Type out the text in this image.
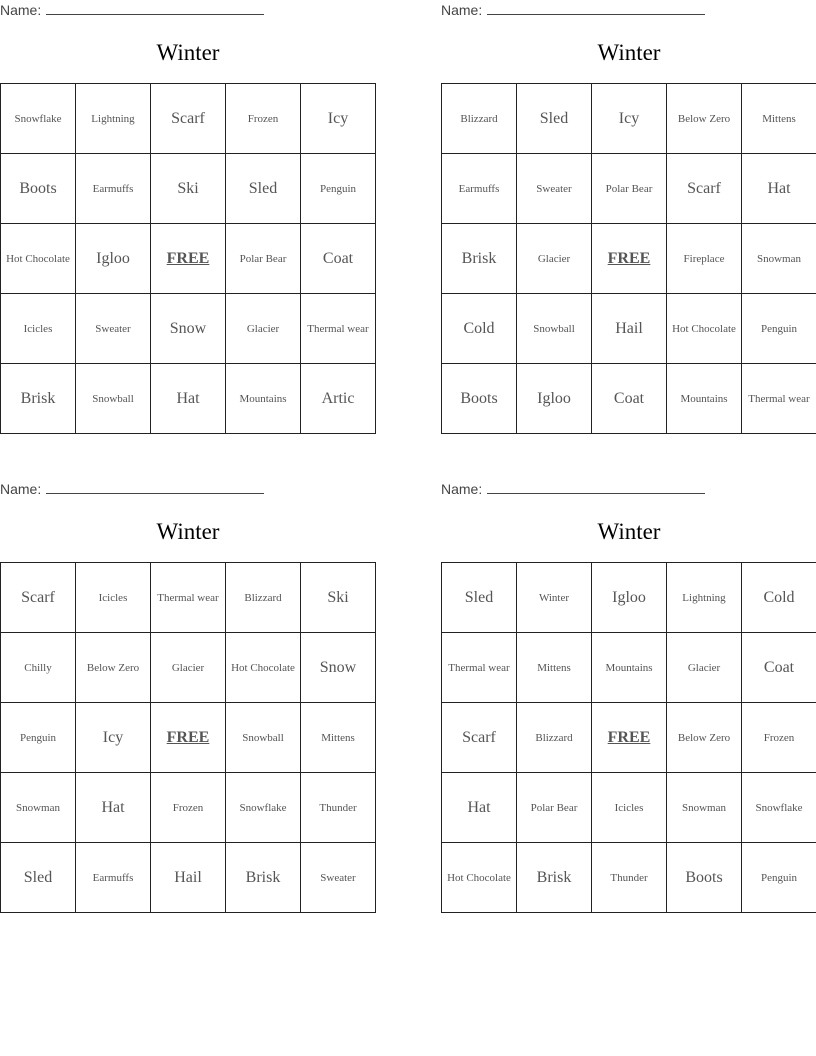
Name:
Winter
Snowflake	Lightning	Scarf	Frozen	Icy
Boots	Earmuffs	Ski	Sled	Penguin
Hot Chocolate	Igloo	FREE	Polar Bear	Coat
Icicles	Sweater	Snow	Glacier	Thermal wear
Brisk	Snowball	Hat	Mountains	Artic
Name:
Winter
Blizzard	Sled	Icy	Below Zero	Mittens
Earmuffs	Sweater	Polar Bear	Scarf	Hat
Brisk	Glacier	FREE	Fireplace	Snowman
Cold	Snowball	Hail	Hot Chocolate	Penguin
Boots	Igloo	Coat	Mountains	Thermal wear
Name:
Winter
Scarf	Icicles	Thermal wear	Blizzard	Ski
Chilly	Below Zero	Glacier	Hot Chocolate	Snow
Penguin	Icy	FREE	Snowball	Mittens
Snowman	Hat	Frozen	Snowflake	Thunder
Sled	Earmuffs	Hail	Brisk	Sweater
Name:
Winter
Sled	Winter	Igloo	Lightning	Cold
Thermal wear	Mittens	Mountains	Glacier	Coat
Scarf	Blizzard	FREE	Below Zero	Frozen
Hat	Polar Bear	Icicles	Snowman	Snowflake
Hot Chocolate	Brisk	Thunder	Boots	Penguin
